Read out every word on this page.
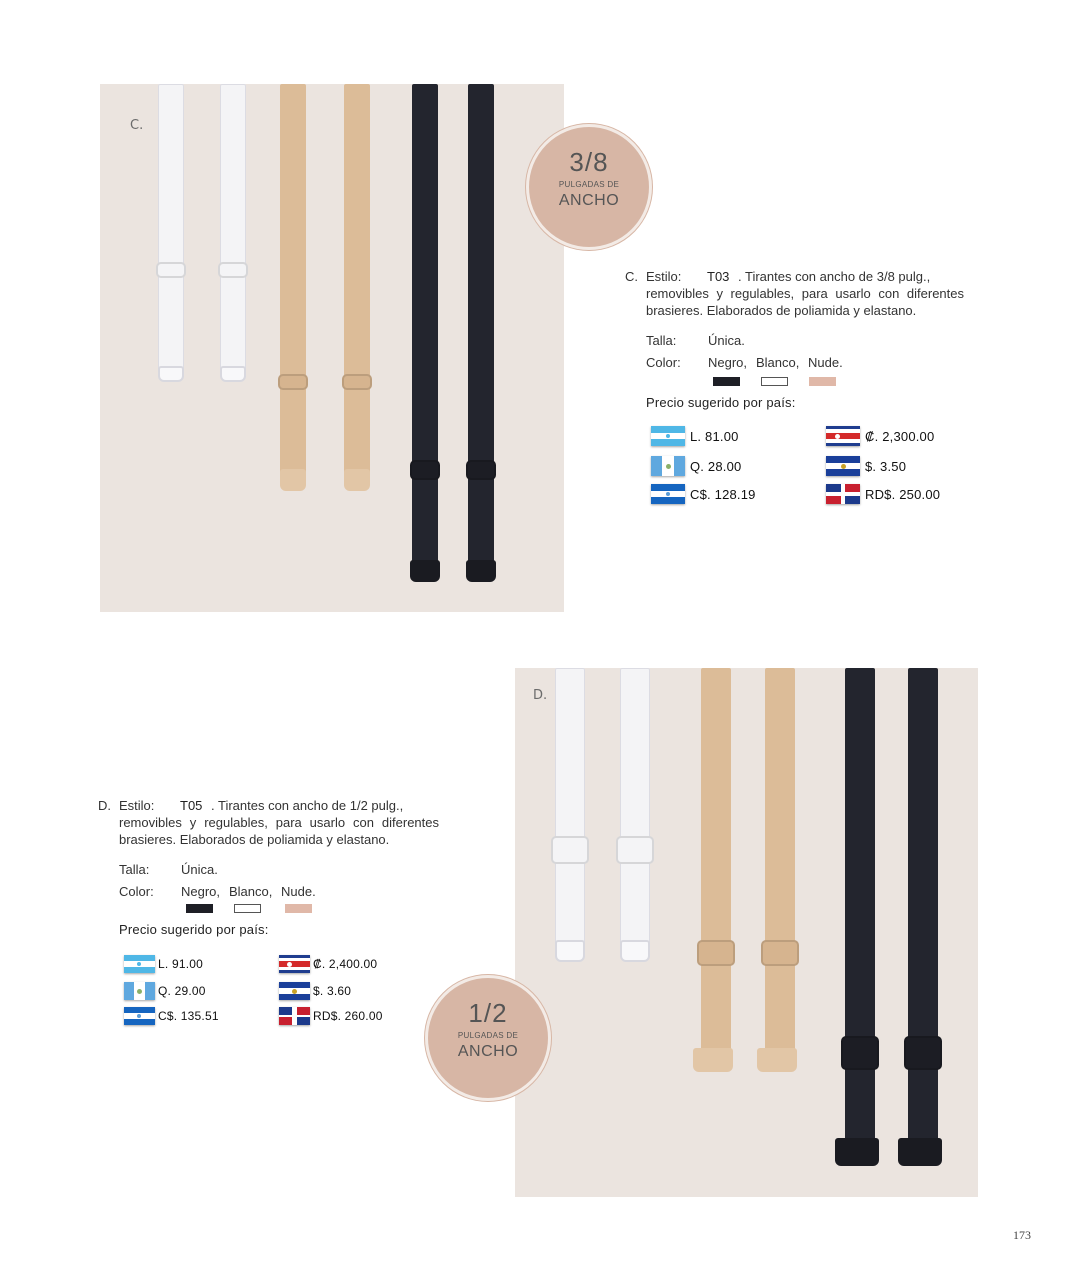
C.
3/8
PULGADAS DE
ANCHO
C. Estilo:	T03 . Tirantes con ancho de 3/8 pulg.,
removibles y regulables, para usarlo con diferentes brasieres. Elaborados de poliamida y elastano.
Talla: Única.
Color: Negro, Blanco, Nude.
Precio sugerido por país:
L. 81.00	₡. 2,300.00
Q. 28.00	$. 3.50
C$. 128.19	RD$. 250.00
D.
1/2
PULGADAS DE
ANCHO
D. Estilo:	T05 . Tirantes con ancho de 1/2 pulg.,
removibles y regulables, para usarlo con diferentes brasieres. Elaborados de poliamida y elastano.
Talla: Única.
Color: Negro, Blanco, Nude.
Precio sugerido por país:
L. 91.00	₡. 2,400.00
Q. 29.00	$. 3.60
C$. 135.51	RD$. 260.00
173
